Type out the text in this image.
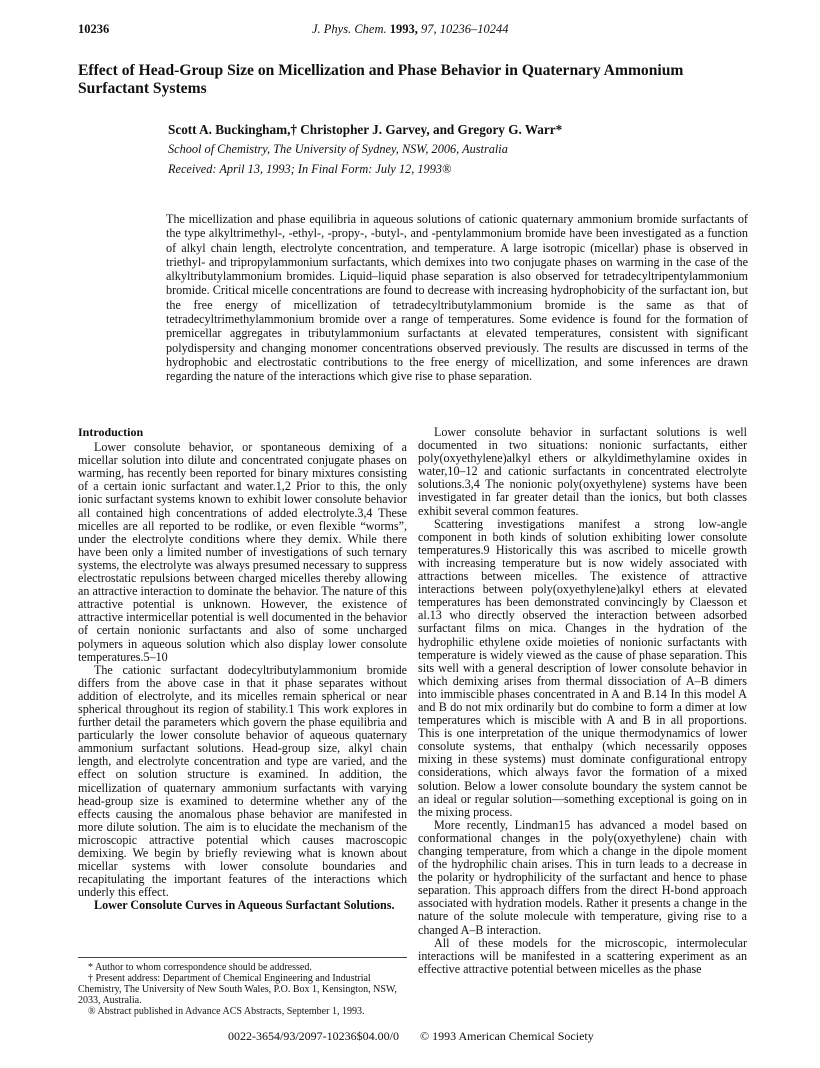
10236	J. Phys. Chem. 1993, 97, 10236–10244
Effect of Head-Group Size on Micellization and Phase Behavior in Quaternary Ammonium Surfactant Systems
Scott A. Buckingham,† Christopher J. Garvey, and Gregory G. Warr*
School of Chemistry, The University of Sydney, NSW, 2006, Australia
Received: April 13, 1993; In Final Form: July 12, 1993®
The micellization and phase equilibria in aqueous solutions of cationic quaternary ammonium bromide surfactants of the type alkyltrimethyl-, -ethyl-, -propy-, -butyl-, and -pentylammonium bromide have been investigated as a function of alkyl chain length, electrolyte concentration, and temperature. A large isotropic (micellar) phase is observed in triethyl- and tripropylammonium surfactants, which demixes into two conjugate phases on warming in the case of the alkyltributylammonium bromides. Liquid–liquid phase separation is also observed for tetradecyltripentylammonium bromide. Critical micelle concentrations are found to decrease with increasing hydrophobicity of the surfactant ion, but the free energy of micellization of tetradecyltributylammonium bromide is the same as that of tetradecyltrimethylammonium bromide over a range of temperatures. Some evidence is found for the formation of premicellar aggregates in tributylammonium surfactants at elevated temperatures, consistent with significant polydispersity and changing monomer concentrations observed previously. The results are discussed in terms of the hydrophobic and electrostatic contributions to the free energy of micellization, and some inferences are drawn regarding the nature of the interactions which give rise to phase separation.
Introduction

Lower consolute behavior, or spontaneous demixing of a micellar solution into dilute and concentrated conjugate phases on warming, has recently been reported for binary mixtures consisting of a certain ionic surfactant and water.1,2 Prior to this, the only ionic surfactant systems known to exhibit lower consolute behavior all contained high concentrations of added electrolyte.3,4 These micelles are all reported to be rodlike, or even flexible “worms”, under the electrolyte conditions where they demix. While there have been only a limited number of investigations of such ternary systems, the electrolyte was always presumed necessary to suppress electrostatic repulsions between charged micelles thereby allowing an attractive interaction to dominate the behavior. The nature of this attractive potential is unknown. However, the existence of attractive intermicellar potential is well documented in the behavior of certain nonionic surfactants and also of some uncharged polymers in aqueous solution which also display lower consolute temperatures.5–10

The cationic surfactant dodecyltributylammonium bromide differs from the above case in that it phase separates without addition of electrolyte, and its micelles remain spherical or near spherical throughout its region of stability.1 This work explores in further detail the parameters which govern the phase equilibria and particularly the lower consolute behavior of aqueous quaternary ammonium surfactant solutions. Head-group size, alkyl chain length, and electrolyte concentration and type are varied, and the effect on solution structure is examined. In addition, the micellization of quaternary ammonium surfactants with varying head-group size is examined to determine whether any of the effects causing the anomalous phase behavior are manifested in more dilute solution. The aim is to elucidate the mechanism of the microscopic attractive potential which causes macroscopic demixing. We begin by briefly reviewing what is known about micellar systems with lower consolute boundaries and recapitulating the important features of the interactions which underly this effect.

Lower Consolute Curves in Aqueous Surfactant Solutions.

Lower consolute behavior in surfactant solutions is well documented in two situations: nonionic surfactants, either poly(oxyethylene)alkyl ethers or alkyldimethylamine oxides in water,10–12 and cationic surfactants in concentrated electrolyte solutions.3,4 The nonionic poly(oxyethylene) systems have been investigated in far greater detail than the ionics, but both classes exhibit several common features.

Scattering investigations manifest a strong low-angle component in both kinds of solution exhibiting lower consolute temperatures.9 Historically this was ascribed to micelle growth with increasing temperature but is now widely associated with attractions between micelles. The existence of attractive interactions between poly(oxyethylene)alkyl ethers at elevated temperatures has been demonstrated convincingly by Claesson et al.13 who directly observed the interaction between adsorbed surfactant films on mica. Changes in the hydration of the hydrophilic ethylene oxide moieties of nonionic surfactants with temperature is widely viewed as the cause of phase separation. This sits well with a general description of lower consolute behavior in which demixing arises from thermal dissociation of A–B dimers into immiscible phases concentrated in A and B.14 In this model A and B do not mix ordinarily but do combine to form a dimer at low temperatures which is miscible with A and B in all proportions. This is one interpretation of the unique thermodynamics of lower consolute systems, that enthalpy (which necessarily opposes mixing in these systems) must dominate configurational entropy considerations, which always favor the formation of a mixed solution. Below a lower consolute boundary the system cannot be an ideal or regular solution—something exceptional is going on in the mixing process.

More recently, Lindman15 has advanced a model based on conformational changes in the poly(oxyethylene) chain with changing temperature, from which a change in the dipole moment of the hydrophilic chain arises. This in turn leads to a decrease in the polarity or hydrophilicity of the surfactant and hence to phase separation. This approach differs from the direct H-bond approach associated with hydration models. Rather it presents a change in the nature of the solute molecule with temperature, giving rise to a changed A–B interaction.

All of these models for the microscopic, intermolecular interactions will be manifested in a scattering experiment as an effective attractive potential between micelles as the phase

* Author to whom correspondence should be addressed.
† Present address: Department of Chemical Engineering and Industrial Chemistry, The University of New South Wales, P.O. Box 1, Kensington, NSW, 2033, Australia.
® Abstract published in Advance ACS Abstracts, September 1, 1993.
0022-3654/93/2097-10236$04.00/0 © 1993 American Chemical Society
